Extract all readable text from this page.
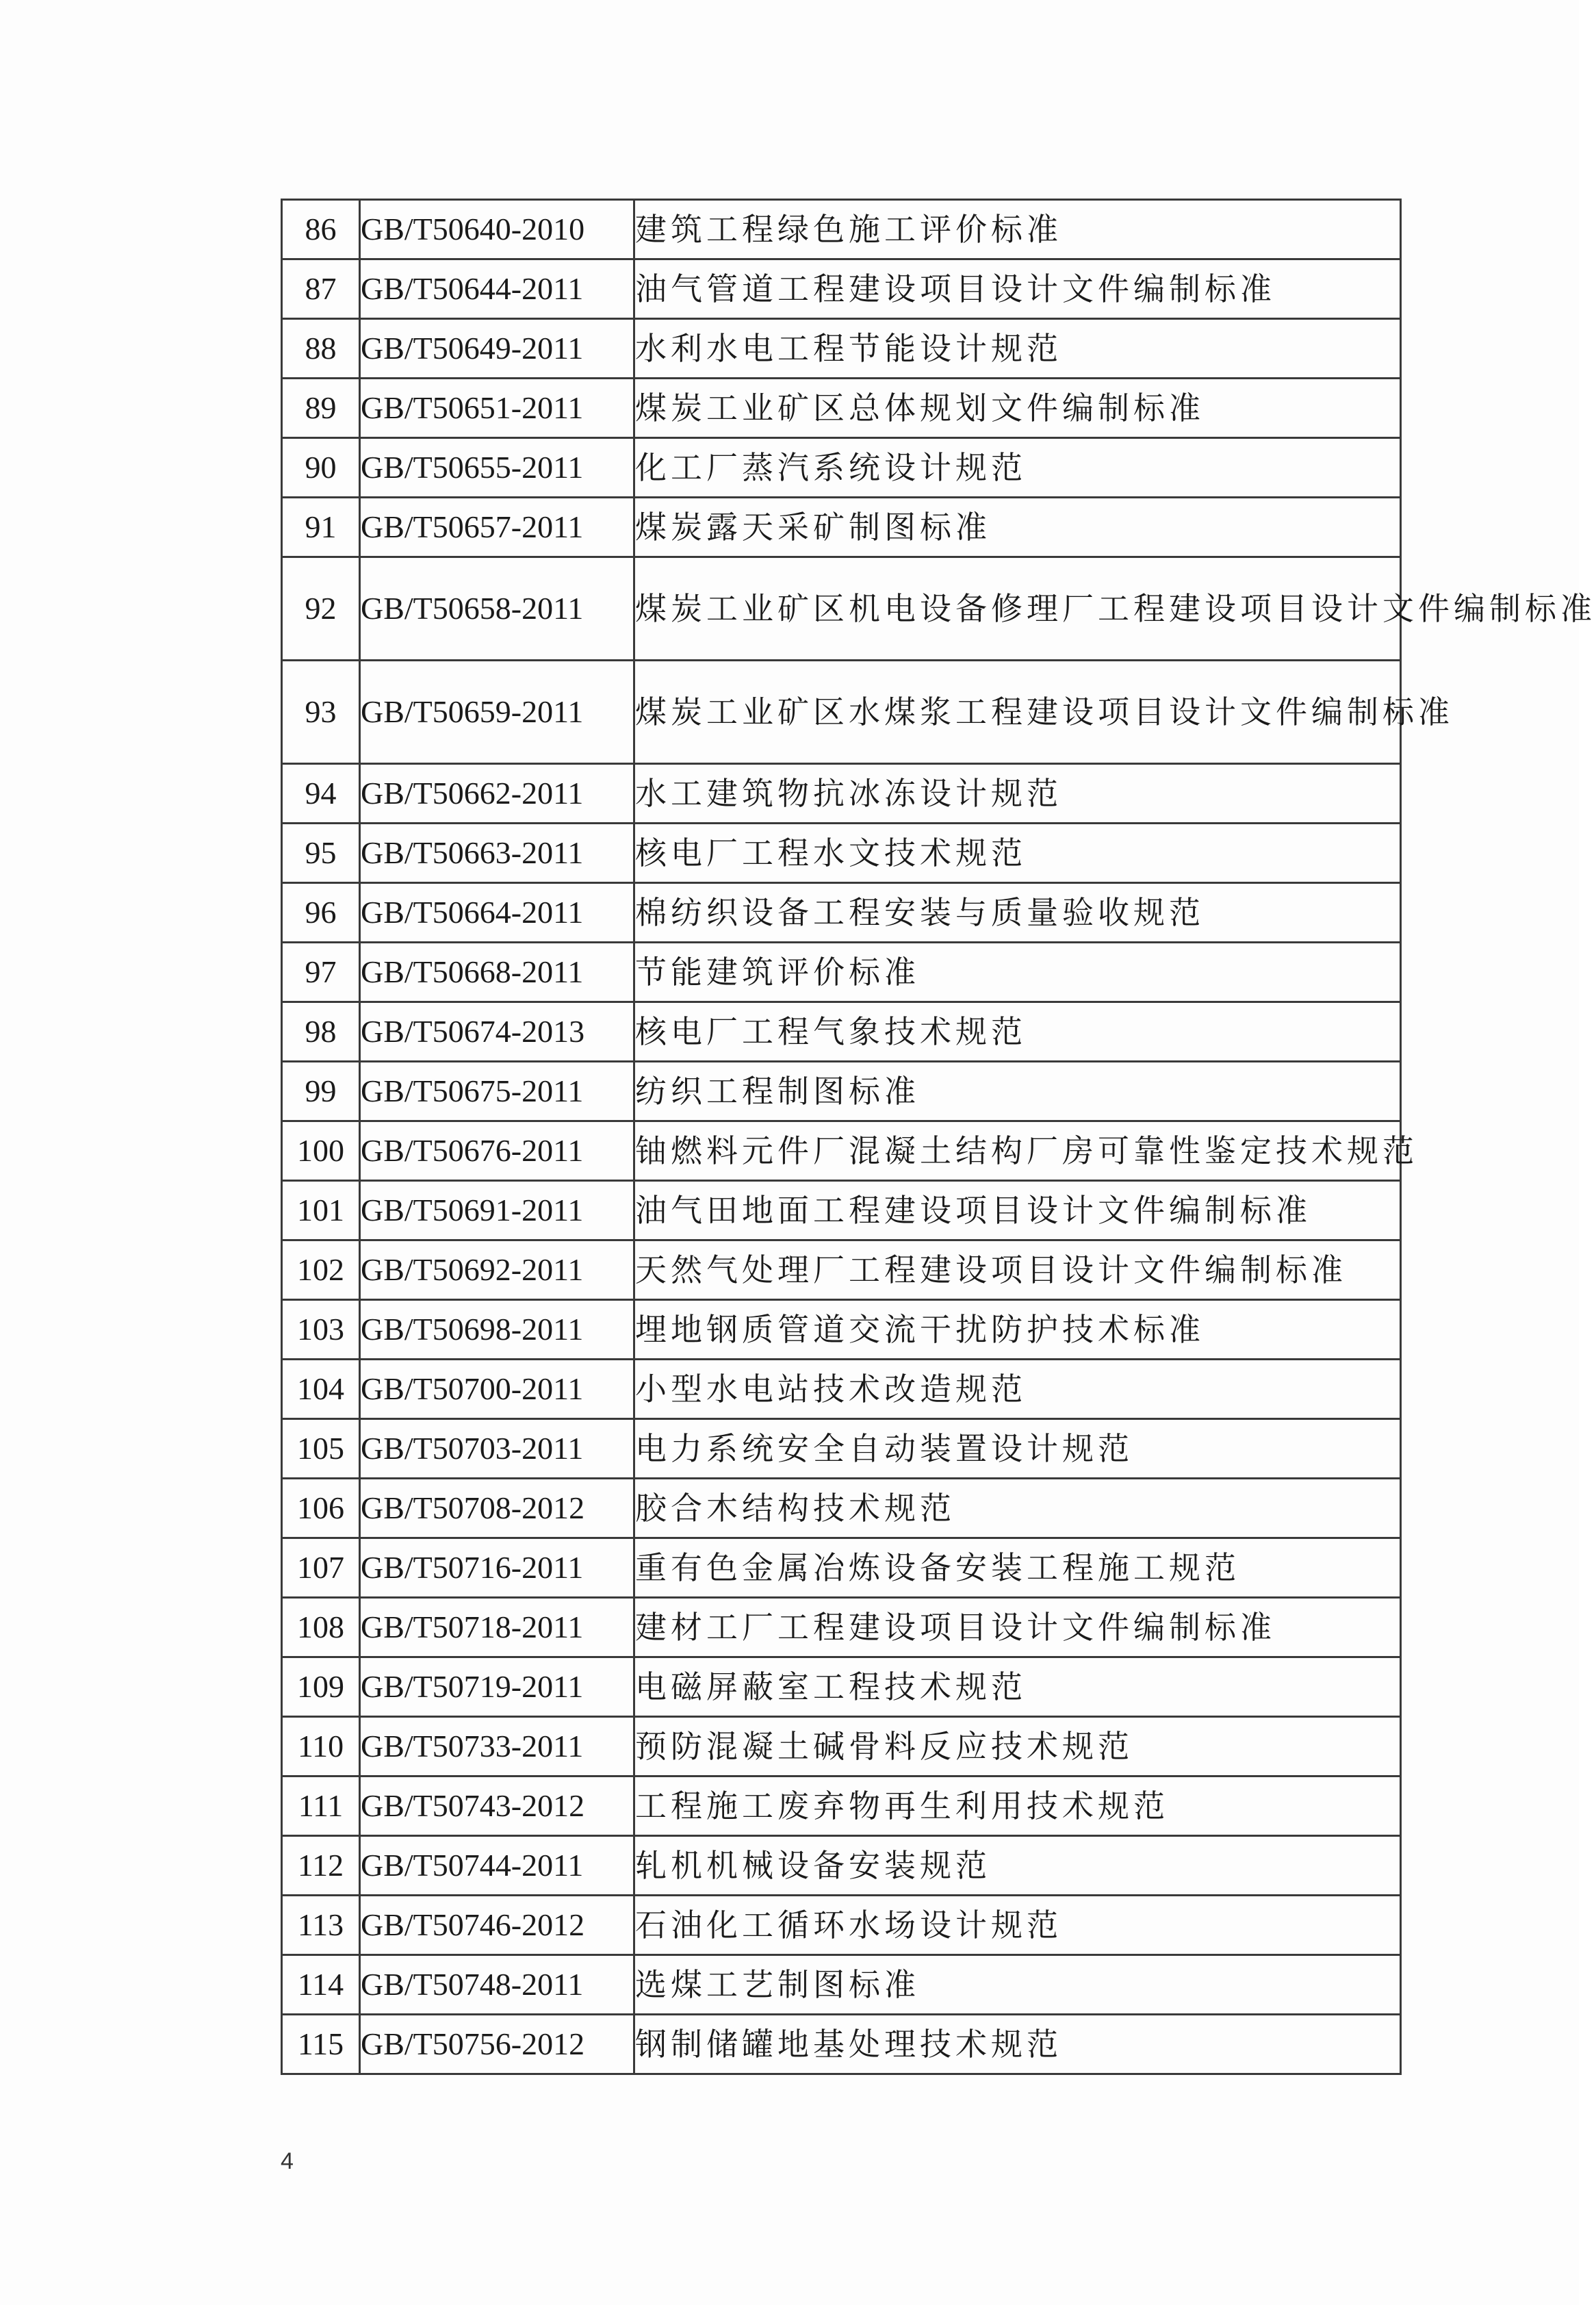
86	GB/T50640-2010	建筑工程绿色施工评价标准
87	GB/T50644-2011	油气管道工程建设项目设计文件编制标准
88	GB/T50649-2011	水利水电工程节能设计规范
89	GB/T50651-2011	煤炭工业矿区总体规划文件编制标准
90	GB/T50655-2011	化工厂蒸汽系统设计规范
91	GB/T50657-2011	煤炭露天采矿制图标准
92	GB/T50658-2011	煤炭工业矿区机电设备修理厂工程建设项目设计文件编制标准
93	GB/T50659-2011	煤炭工业矿区水煤浆工程建设项目设计文件编制标准
94	GB/T50662-2011	水工建筑物抗冰冻设计规范
95	GB/T50663-2011	核电厂工程水文技术规范
96	GB/T50664-2011	棉纺织设备工程安装与质量验收规范
97	GB/T50668-2011	节能建筑评价标准
98	GB/T50674-2013	核电厂工程气象技术规范
99	GB/T50675-2011	纺织工程制图标准
100	GB/T50676-2011	铀燃料元件厂混凝土结构厂房可靠性鉴定技术规范
101	GB/T50691-2011	油气田地面工程建设项目设计文件编制标准
102	GB/T50692-2011	天然气处理厂工程建设项目设计文件编制标准
103	GB/T50698-2011	埋地钢质管道交流干扰防护技术标准
104	GB/T50700-2011	小型水电站技术改造规范
105	GB/T50703-2011	电力系统安全自动装置设计规范
106	GB/T50708-2012	胶合木结构技术规范
107	GB/T50716-2011	重有色金属冶炼设备安装工程施工规范
108	GB/T50718-2011	建材工厂工程建设项目设计文件编制标准
109	GB/T50719-2011	电磁屏蔽室工程技术规范
110	GB/T50733-2011	预防混凝土碱骨料反应技术规范
111	GB/T50743-2012	工程施工废弃物再生利用技术规范
112	GB/T50744-2011	轧机机械设备安装规范
113	GB/T50746-2012	石油化工循环水场设计规范
114	GB/T50748-2011	选煤工艺制图标准
115	GB/T50756-2012	钢制储罐地基处理技术规范
4
